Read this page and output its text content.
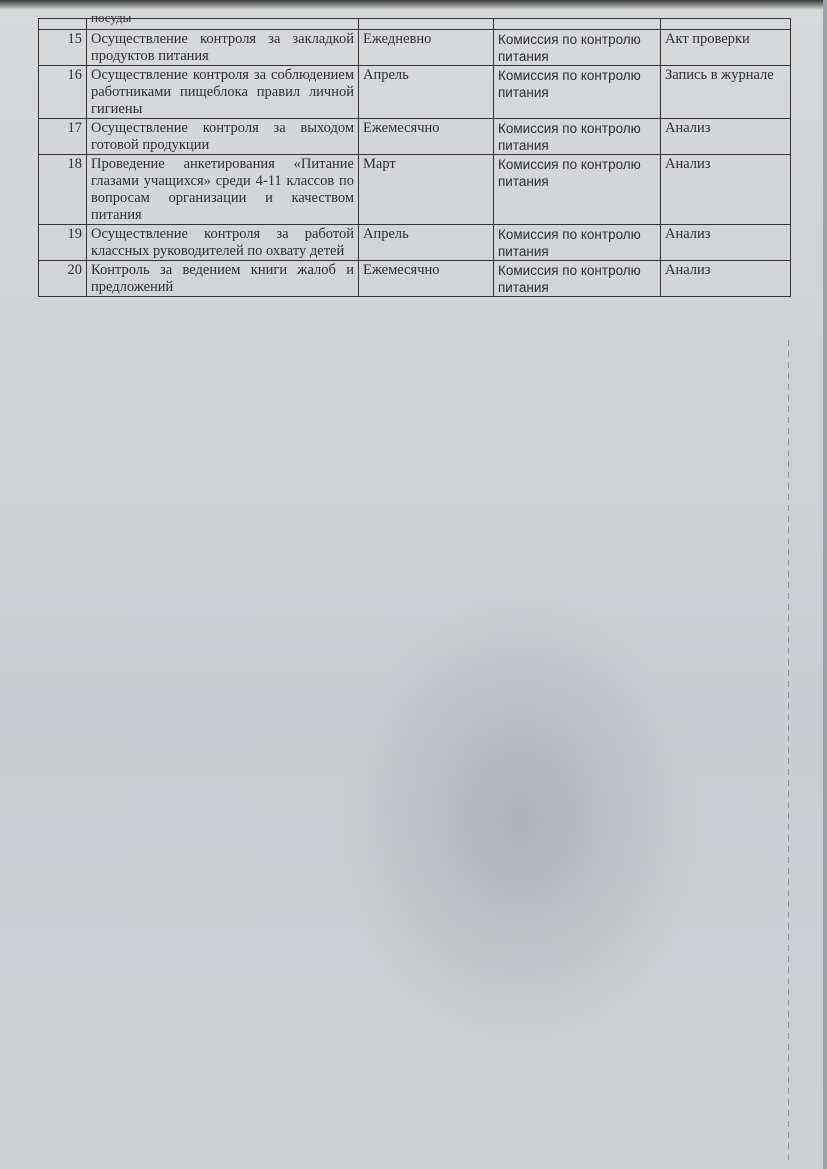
	посуды			

15	Осуществление контроля за закладкой продуктов питания	Ежедневно	Комиссия по контролю питания	Акт проверки
16	Осуществление контроля за соблюдением работниками пищеблока правил личной гигиены	Апрель	Комиссия по контролю питания	Запись в журнале
17	Осуществление контроля за выходом готовой продукции	Ежемесячно	Комиссия по контролю питания	Анализ
18	Проведение анкетирования «Питание глазами учащихся» среди 4-11 классов по вопросам организации и качеством питания	Март	Комиссия по контролю питания	Анализ
19	Осуществление контроля за работой классных руководителей по охвату детей	Апрель	Комиссия по контролю питания	Анализ
20	Контроль за ведением книги жалоб и предложений	Ежемесячно	Комиссия по контролю питания	Анализ
